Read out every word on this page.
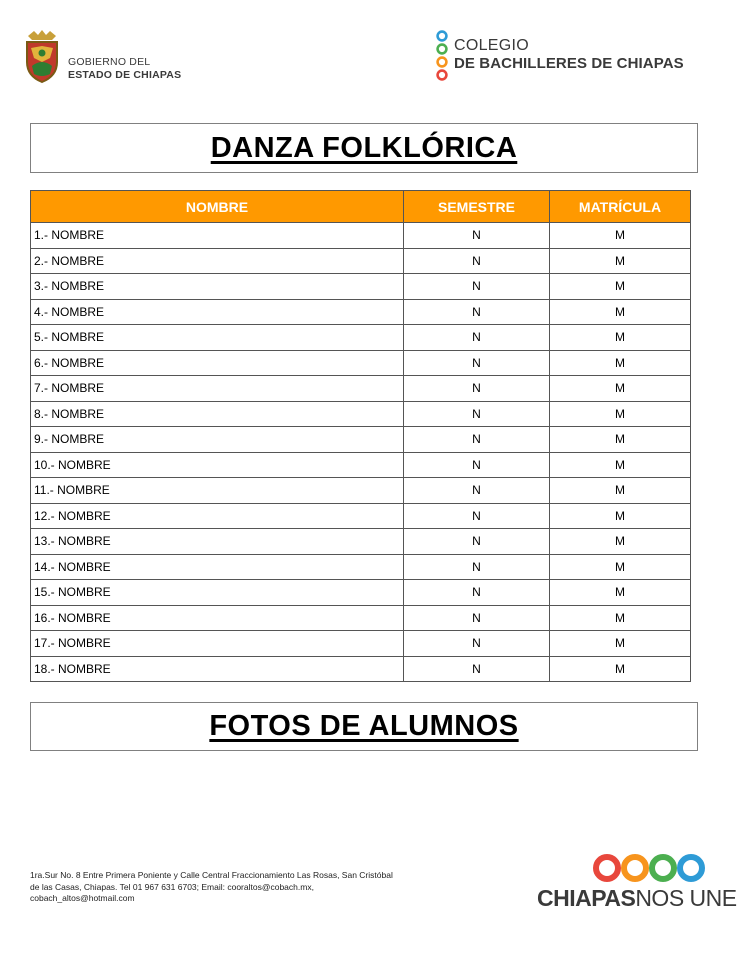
GOBIERNO DEL
ESTADO DE CHIAPAS
COLEGIO
DE BACHILLERES DE CHIAPAS
DANZA FOLKLÓRICA
NOMBRE	SEMESTRE	MATRÍCULA
1.- NOMBRE	N	M
2.- NOMBRE	N	M
3.- NOMBRE	N	M
4.- NOMBRE	N	M
5.- NOMBRE	N	M
6.- NOMBRE	N	M
7.- NOMBRE	N	M
8.- NOMBRE	N	M
9.- NOMBRE	N	M
10.- NOMBRE	N	M
11.- NOMBRE	N	M
12.- NOMBRE	N	M
13.- NOMBRE	N	M
14.- NOMBRE	N	M
15.- NOMBRE	N	M
16.- NOMBRE	N	M
17.- NOMBRE	N	M
18.- NOMBRE	N	M
FOTOS DE ALUMNOS
1ra.Sur No. 8 Entre Primera Poniente y Calle Central Fraccionamiento Las Rosas, San Cristóbal
de las Casas, Chiapas. Tel 01 967 631 6703; Email: cooraltos@cobach.mx,
cobach_altos@hotmail.com	CHIAPASNOS UNE
